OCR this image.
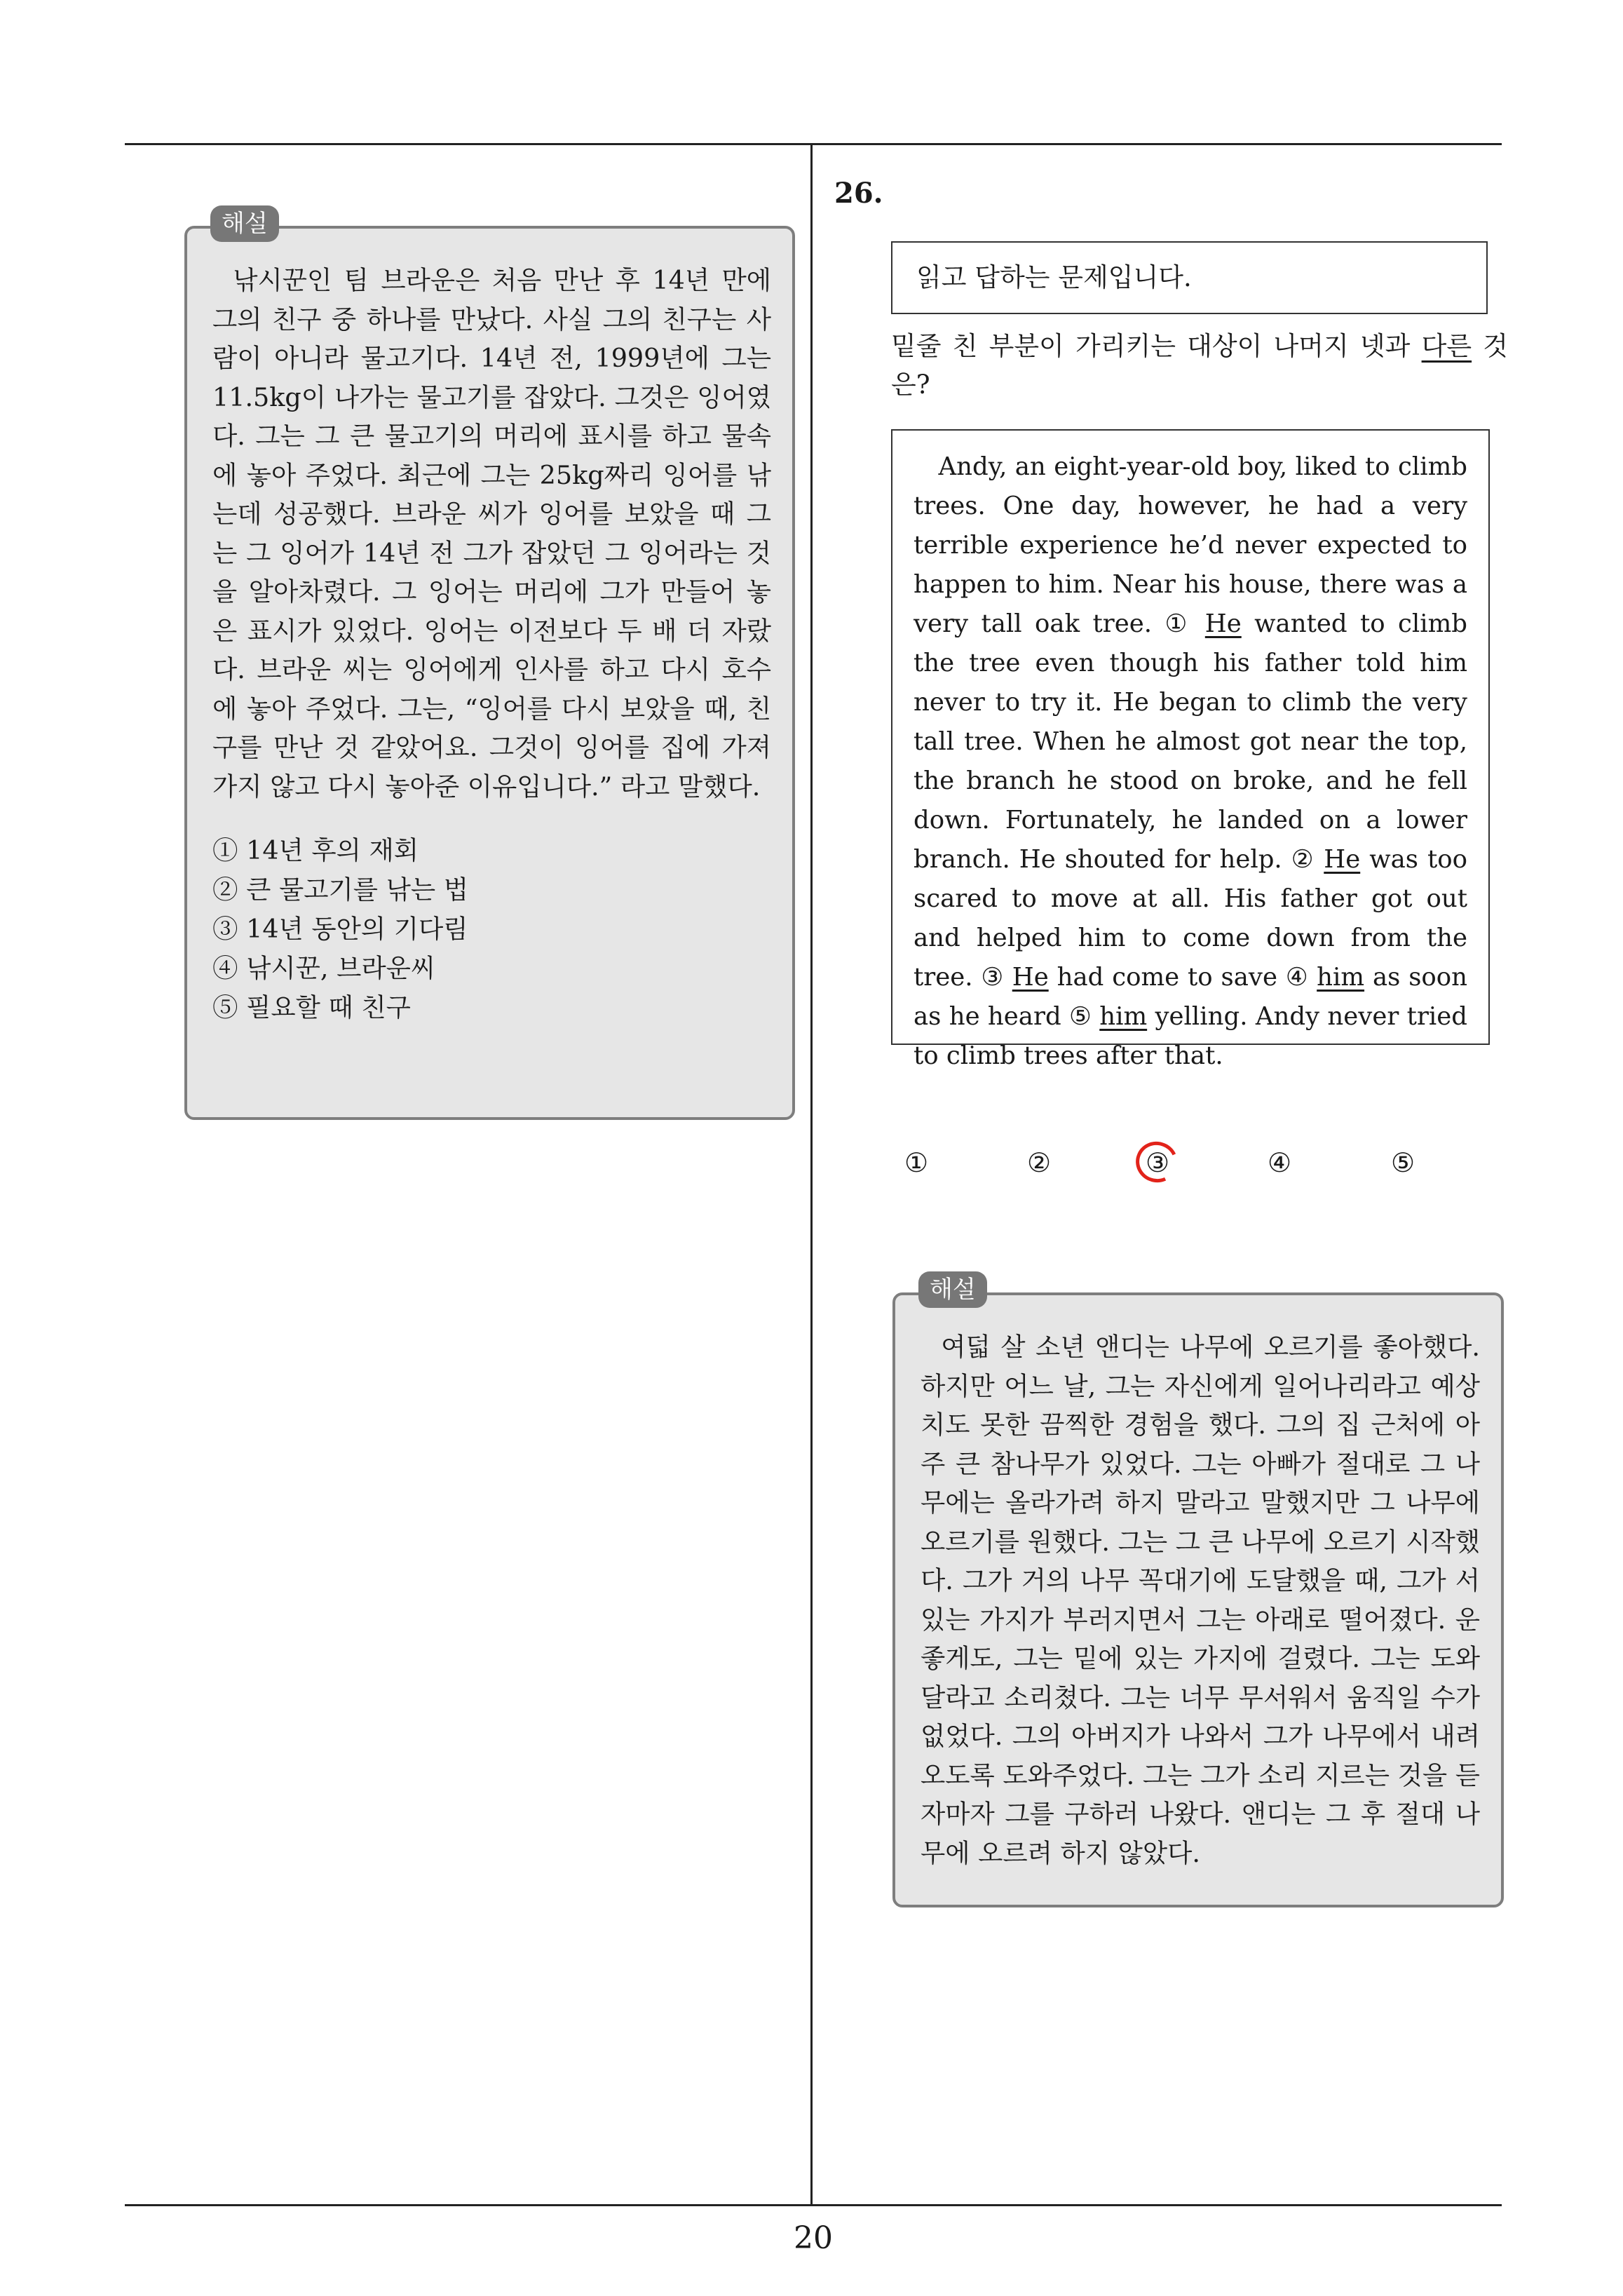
낚시꾼인 팀 브라운은 처음 만난 후 14년 만에 그의 친구 중 하나를 만났다. 사실 그의 친구는 사람이 아니라 물고기다. 14년 전, 1999년에 그는 11.5kg이 나가는 물고기를 잡았다. 그것은 잉어였다. 그는 그 큰 물고기의 머리에 표시를 하고 물속에 놓아 주었다. 최근에 그는 25kg짜리 잉어를 낚는데 성공했다. 브라운 씨가 잉어를 보았을 때 그는 그 잉어가 14년 전 그가 잡았던 그 잉어라는 것을 알아차렸다. 그 잉어는 머리에 그가 만들어 놓은 표시가 있었다. 잉어는 이전보다 두 배 더 자랐다. 브라운 씨는 잉어에게 인사를 하고 다시 호수에 놓아 주었다. 그는, “잉어를 다시 보았을 때, 친구를 만난 것 같았어요. 그것이 잉어를 집에 가져가지 않고 다시 놓아준 이유입니다.” 라고 말했다.

① 14년 후의 재회
② 큰 물고기를 낚는 법
③ 14년 동안의 기다림
④ 낚시꾼, 브라운씨
⑤ 필요할 때 친구
해설
26.
읽고 답하는 문제입니다.
밑줄 친 부분이 가리키는 대상이 나머지 넷과 다른 것은?

Andy, an eight-year-old boy, liked to climb trees. One day, however, he had a very terrible experience he’d never expected to happen to him. Near his house, there was a very tall oak tree. ① He wanted to climb the tree even though his father told him never to try it. He began to climb the very tall tree. When he almost got near the top, the branch he stood on broke, and he fell down. Fortunately, he landed on a lower branch. He shouted for help. ② He was too scared to move at all. His father got out and helped him to come down from the tree. ③ He had come to save ④ him as soon as he heard ⑤ him yelling. Andy never tried to climb trees after that.

①	②	③	④	⑤

여덟 살 소년 앤디는 나무에 오르기를 좋아했다. 하지만 어느 날, 그는 자신에게 일어나리라고 예상치도 못한 끔찍한 경험을 했다. 그의 집 근처에 아주 큰 참나무가 있었다. 그는 아빠가 절대로 그 나무에는 올라가려 하지 말라고 말했지만 그 나무에 오르기를 원했다. 그는 그 큰 나무에 오르기 시작했다. 그가 거의 나무 꼭대기에 도달했을 때, 그가 서있는 가지가 부러지면서 그는 아래로 떨어졌다. 운 좋게도, 그는 밑에 있는 가지에 걸렸다. 그는 도와달라고 소리쳤다. 그는 너무 무서워서 움직일 수가 없었다. 그의 아버지가 나와서 그가 나무에서 내려오도록 도와주었다. 그는 그가 소리 지르는 것을 듣자마자 그를 구하러 나왔다. 앤디는 그 후 절대 나무에 오르려 하지 않았다.

해설
20
